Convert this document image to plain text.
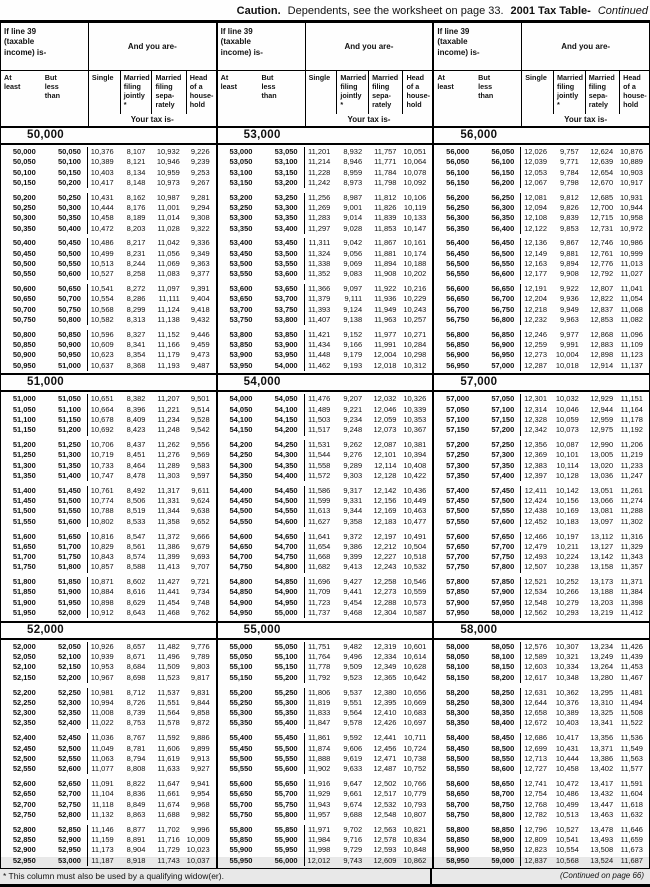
Caution. Dependents, see the worksheet on page 33. 2001 Tax Table- Continued
If line 39
(taxable
income) is-
And you are-
At
least
But
less
than
Single	Married
filing
jointly
*
Married
filing
sepa-
rately
Head
of a
house-
hold
Your tax is-
50,000
50,000	50,050	10,376	8,107	10,932	9,226
50,050	50,100	10,389	8,121	10,946	9,239
50,100	50,150	10,403	8,134	10,959	9,253
50,150	50,200	10,417	8,148	10,973	9,267
50,200	50,250	10,431	8,162	10,987	9,281
50,250	50,300	10,444	8,176	11,001	9,294
50,300	50,350	10,458	8,189	11,014	9,308
50,350	50,400	10,472	8,203	11,028	9,322
50,400	50,450	10,486	8,217	11,042	9,336
50,450	50,500	10,499	8,231	11,056	9,349
50,500	50,550	10,513	8,244	11,069	9,363
50,550	50,600	10,527	8,258	11,083	9,377
50,600	50,650	10,541	8,272	11,097	9,391
50,650	50,700	10,554	8,286	11,111	9,404
50,700	50,750	10,568	8,299	11,124	9,418
50,750	50,800	10,582	8,313	11,138	9,432
50,800	50,850	10,596	8,327	11,152	9,446
50,850	50,900	10,609	8,341	11,166	9,459
50,900	50,950	10,623	8,354	11,179	9,473
50,950	51,000	10,637	8,368	11,193	9,487
51,000
51,000	51,050	10,651	8,382	11,207	9,501
51,050	51,100	10,664	8,396	11,221	9,514
51,100	51,150	10,678	8,409	11,234	9,528
51,150	51,200	10,692	8,423	11,248	9,542
51,200	51,250	10,706	8,437	11,262	9,556
51,250	51,300	10,719	8,451	11,276	9,569
51,300	51,350	10,733	8,464	11,289	9,583
51,350	51,400	10,747	8,478	11,303	9,597
51,400	51,450	10,761	8,492	11,317	9,611
51,450	51,500	10,774	8,506	11,331	9,624
51,500	51,550	10,788	8,519	11,344	9,638
51,550	51,600	10,802	8,533	11,358	9,652
51,600	51,650	10,816	8,547	11,372	9,666
51,650	51,700	10,829	8,561	11,386	9,679
51,700	51,750	10,843	8,574	11,399	9,693
51,750	51,800	10,857	8,588	11,413	9,707
51,800	51,850	10,871	8,602	11,427	9,721
51,850	51,900	10,884	8,616	11,441	9,734
51,900	51,950	10,898	8,629	11,454	9,748
51,950	52,000	10,912	8,643	11,468	9,762
52,000
52,000	52,050	10,926	8,657	11,482	9,776
52,050	52,100	10,939	8,671	11,496	9,789
52,100	52,150	10,953	8,684	11,509	9,803
52,150	52,200	10,967	8,698	11,523	9,817
52,200	52,250	10,981	8,712	11,537	9,831
52,250	52,300	10,994	8,726	11,551	9,844
52,300	52,350	11,008	8,739	11,564	9,858
52,350	52,400	11,022	8,753	11,578	9,872
52,400	52,450	11,036	8,767	11,592	9,886
52,450	52,500	11,049	8,781	11,606	9,899
52,500	52,550	11,063	8,794	11,619	9,913
52,550	52,600	11,077	8,808	11,633	9,927
52,600	52,650	11,091	8,822	11,647	9,941
52,650	52,700	11,104	8,836	11,661	9,954
52,700	52,750	11,118	8,849	11,674	9,968
52,750	52,800	11,132	8,863	11,688	9,982
52,800	52,850	11,146	8,877	11,702	9,996
52,850	52,900	11,159	8,891	11,716 10,009
52,900	52,950	11,173	8,904	11,729 10,023
52,950	53,000	11,187	8,918	11,743 10,037
If line 39
(taxable
income) is-
And you are-
At
least
But
less
than
Single	Married
filing
jointly
*
Married
filing
sepa-
rately
Head
of a
house-
hold
Your tax is-
53,000
53,000	53,050	11,201	8,932	11,757 10,051
53,050	53,100	11,214	8,946	11,771 10,064
53,100	53,150	11,228	8,959	11,784 10,078
53,150	53,200	11,242	8,973	11,798 10,092
53,200	53,250	11,256	8,987	11,812 10,106
53,250	53,300	11,269	9,001	11,826 10,119
53,300	53,350	11,283	9,014	11,839 10,133
53,350	53,400	11,297	9,028	11,853 10,147
53,400	53,450	11,311	9,042	11,867 10,161
53,450	53,500	11,324	9,056	11,881 10,174
53,500	53,550	11,338	9,069	11,894 10,188
53,550	53,600	11,352	9,083	11,908 10,202
53,600	53,650	11,366	9,097	11,922 10,216
53,650	53,700	11,379	9,111	11,936 10,229
53,700	53,750	11,393	9,124	11,949 10,243
53,750	53,800	11,407	9,138	11,963 10,257
53,800	53,850	11,421	9,152	11,977 10,271
53,850	53,900	11,434	9,166	11,991 10,284
53,900	53,950	11,448	9,179	12,004 10,298
53,950	54,000	11,462	9,193	12,018 10,312
54,000
54,000	54,050	11,476	9,207	12,032 10,326
54,050	54,100	11,489	9,221	12,046 10,339
54,100	54,150	11,503	9,234	12,059 10,353
54,150	54,200	11,517	9,248	12,073 10,367
54,200	54,250	11,531	9,262	12,087 10,381
54,250	54,300	11,544	9,276	12,101 10,394
54,300	54,350	11,558	9,289	12,114 10,408
54,350	54,400	11,572	9,303	12,128 10,422
54,400	54,450	11,586	9,317	12,142 10,436
54,450	54,500	11,599	9,331	12,156 10,449
54,500	54,550	11,613	9,344	12,169 10,463
54,550	54,600	11,627	9,358	12,183 10,477
54,600	54,650	11,641	9,372	12,197 10,491
54,650	54,700	11,654	9,386	12,212 10,504
54,700	54,750	11,668	9,399	12,227 10,518
54,750	54,800	11,682	9,413	12,243 10,532
54,800	54,850	11,696	9,427	12,258 10,546
54,850	54,900	11,709	9,441	12,273 10,559
54,900	54,950	11,723	9,454	12,288 10,573
54,950	55,000	11,737	9,468	12,304 10,587
55,000
55,000	55,050	11,751	9,482	12,319 10,601
55,050	55,100	11,764	9,496	12,334 10,614
55,100	55,150	11,778	9,509	12,349 10,628
55,150	55,200	11,792	9,523	12,365 10,642
55,200	55,250	11,806	9,537	12,380 10,656
55,250	55,300	11,819	9,551	12,395 10,669
55,300	55,350	11,833	9,564	12,410 10,683
55,350	55,400	11,847	9,578	12,426 10,697
55,400	55,450	11,861	9,592	12,441 10,711
55,450	55,500	11,874	9,606	12,456 10,724
55,500	55,550	11,888	9,619	12,471 10,738
55,550	55,600	11,902	9,633	12,487 10,752
55,600	55,650	11,916	9,647	12,502 10,766
55,650	55,700	11,929	9,661	12,517 10,779
55,700	55,750	11,943	9,674	12,532 10,793
55,750	55,800	11,957	9,688	12,548 10,807
55,800	55,850	11,971	9,702	12,563 10,821
55,850	55,900	11,984	9,716	12,578 10,834
55,900	55,950	11,998	9,729	12,593 10,848
55,950	56,000	12,012	9,743	12,609 10,862
If line 39
(taxable
income) is-
And you are-
At
least
But
less
than
Single	Married
filing
jointly
*
Married
filing
sepa-
rately
Head
of a
house-
hold
Your tax is-
56,000
56,000	56,050	12,026	9,757	12,624 10,876
56,050	56,100	12,039	9,771	12,639 10,889
56,100	56,150	12,053	9,784	12,654 10,903
56,150	56,200	12,067	9,798	12,670 10,917
56,200	56,250	12,081	9,812	12,685 10,931
56,250	56,300	12,094	9,826	12,700 10,944
56,300	56,350	12,108	9,839	12,715 10,958
56,350	56,400	12,122	9,853	12,731 10,972
56,400	56,450	12,136	9,867	12,746 10,986
56,450	56,500	12,149	9,881	12,761 10,999
56,500	56,550	12,163	9,894	12,776 11,013
56,550	56,600	12,177	9,908	12,792 11,027
56,600	56,650	12,191	9,922	12,807 11,041
56,650	56,700	12,204	9,936	12,822 11,054
56,700	56,750	12,218	9,949	12,837 11,068
56,750	56,800	12,232	9,963	12,853 11,082
56,800	56,850	12,246	9,977	12,868 11,096
56,850	56,900	12,259	9,991	12,883 11,109
56,900	56,950	12,273	10,004	12,898 11,123
56,950	57,000	12,287	10,018	12,914 11,137
57,000
57,000	57,050	12,301	10,032	12,929 11,151
57,050	57,100	12,314	10,046	12,944 11,164
57,100	57,150	12,328	10,059	12,959 11,178
57,150	57,200	12,342	10,073	12,975 11,192
57,200	57,250	12,356	10,087	12,990 11,206
57,250	57,300	12,369	10,101	13,005 11,219
57,300	57,350	12,383	10,114	13,020 11,233
57,350	57,400	12,397	10,128	13,036 11,247
57,400	57,450	12,411	10,142	13,051 11,261
57,450	57,500	12,424	10,156	13,066 11,274
57,500	57,550	12,438	10,169	13,081 11,288
57,550	57,600	12,452	10,183	13,097 11,302
57,600	57,650	12,466	10,197	13,112 11,316
57,650	57,700	12,479	10,211	13,127 11,329
57,700	57,750	12,493	10,224	13,142 11,343
57,750	57,800	12,507	10,238	13,158 11,357
57,800	57,850	12,521	10,252	13,173 11,371
57,850	57,900	12,534	10,266	13,188 11,384
57,900	57,950	12,548	10,279	13,203 11,398
57,950	58,000	12,562	10,293	13,219 11,412
58,000
58,000	58,050	12,576	10,307	13,234 11,426
58,050	58,100	12,589	10,321	13,249 11,439
58,100	58,150	12,603	10,334	13,264 11,453
58,150	58,200	12,617	10,348	13,280 11,467
58,200	58,250	12,631	10,362	13,295 11,481
58,250	58,300	12,644	10,376	13,310 11,494
58,300	58,350	12,658	10,389	13,325 11,508
58,350	58,400	12,672	10,403	13,341 11,522
58,400	58,450	12,686	10,417	13,356 11,536
58,450	58,500	12,699	10,431	13,371 11,549
58,500	58,550	12,713	10,444	13,386 11,563
58,550	58,600	12,727	10,458	13,402 11,577
58,600	58,650	12,741	10,472	13,417 11,591
58,650	58,700	12,754	10,486	13,432 11,604
58,700	58,750	12,768	10,499	13,447 11,618
58,750	58,800	12,782	10,513	13,463 11,632
58,800	58,850	12,796	10,527	13,478 11,646
58,850	58,900	12,809	10,541	13,493 11,659
58,900	58,950	12,823	10,554	13,508 11,673
58,950	59,000	12,837	10,568	13,524 11,687
* This column must also be used by a qualifying widow(er).	(Continued on page 66)
